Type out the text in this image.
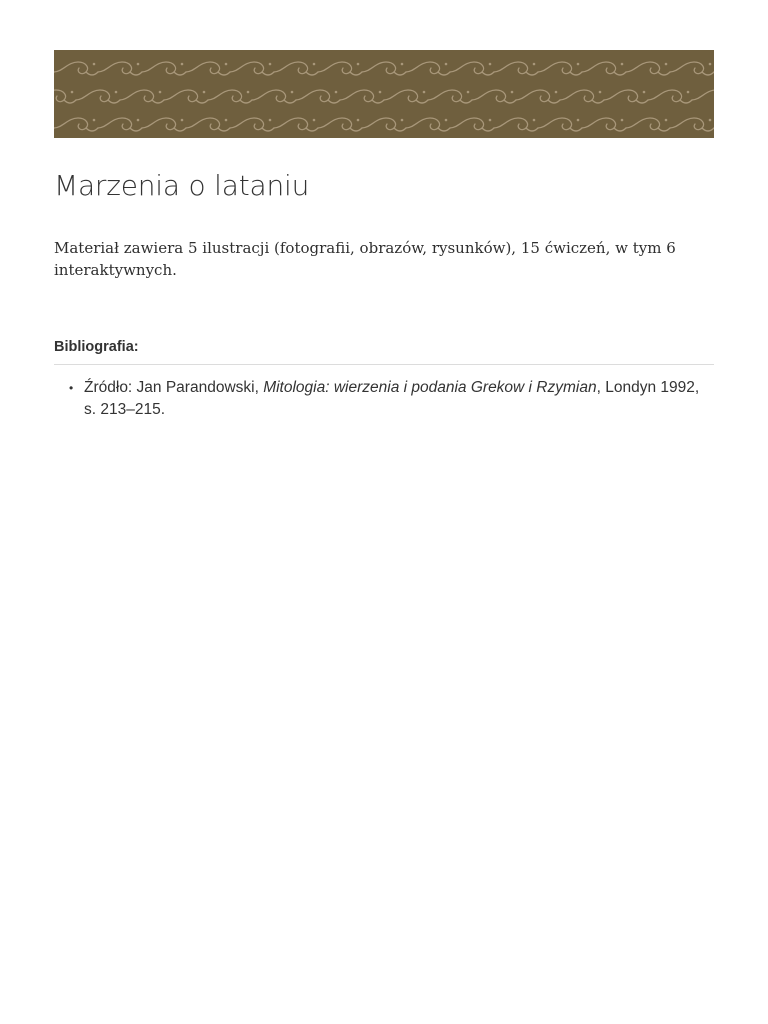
Marzenia o lataniu

Materiał zawiera 5 ilustracji (fotografii, obrazów, rysunków), 15 ćwiczeń, w tym 6 interaktywnych.

Bibliografia:
• Źródło: Jan Parandowski, Mitologia: wierzenia i podania Grekow i Rzymian, Londyn 1992, s. 213–215.
